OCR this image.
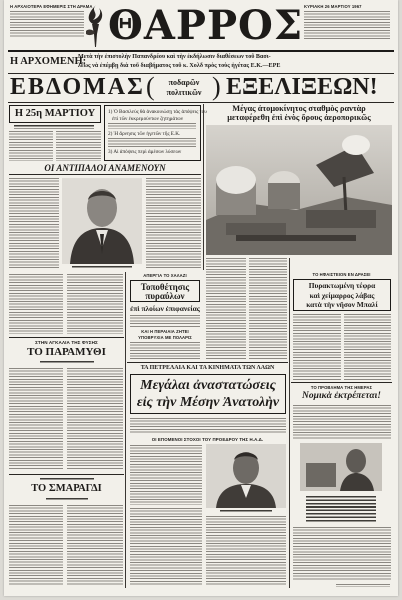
Η ΑΡΧΑΙΟΤΕΡΑ ΕΦΗΜΕΡΙΣ ΣΤΗ ΔΡΑΜΑ ΘΑΡΡΟΣ ΚΥΡΙΑΚΗ 26 ΜΑΡΤΙΟΥ 1967
Η ΑΡΧΟΜΕΝΗ:
Μετὰ τὴν ἐπιστολὴν Παπανδρέου καὶ τὴν ἐκδήλωσιν διαθέσεων τοῦ Βασι-
λέως νὰ ἐπέμβῃ διὰ τοῦ διαβήματος τοῦ κ. Χολδ πρὸς τοὺς ἡγέτας Ε.Κ.—ΕΡΕ
ΕΒΔΟΜΑΣ (	ποδαρῶν
πολιτικῶν ) ΕΞΕΛΙΞΕΩΝ!
Η 25η ΜΑΡΤΙΟΥ	1) Ὁ Βασιλεὺς θὰ ἀνακοινώσῃ τὰς ἀπόψεις του
ἐπὶ τῶν ἐκκρεμούντων ζητημάτων
2) Ἡ ἄρνησις τῶν ἡγετῶν τῆς Ε.Κ.
3) Αἱ ἀπόψεις περὶ ἀμέσων λύσεων
Μέγας ἀτομοκίνητος σταθμὸς ραντὰρ
μεταφέρεθη ἐπὶ ἑνὸς ὄρους ἀεροπορικῶς
ΟΙ ΑΝΤΙΠΑΛΟΙ ΑΝΑΜΕΝΟΥΝ
ΣΤΗΝ ΑΓΚΑΛΙΑ ΤΗΣ ΦΥΣΗΣ
ΤΟ ΠΑΡΑΜΥΘΙ
ΤΟ ΣΜΑΡΑΓΔΙ
ΑΠΕΡΓΙΑ ΤΟ ΧΑΛΑΖΙ
Τοποθέτησις
πυραύλων
ἐπὶ πλοίων ἐπιφανείας
ΚΑΙ Η ΠΕΡΑΙΑΙΑ ΖΗΤΕΙ
ΥΠΟΒΡΥΧΙΑ ΜΕ ΠΟΛΑΡΙΣ
ΤΟ ΗΦΑΙΣΤΕΙΟΝ ΕΝ ΔΡΑΣΕΙ
Πυρακτωμένη τέφρα
καὶ χείμαρρος λάβας
κατὰ τὴν νῆσον Μπαλί
ΤΑ ΠΕΤΡΕΛΑΙΑ ΚΑΙ ΤΑ ΚΙΝΗΜΑΤΑ ΤΩΝ ΛΑΩΝ
Μεγάλαι ἀναστατώσεις
εἰς τὴν Μέσην Ἀνατολὴν
ΟΙ ΕΠΟΜΕΝΟΙ ΣΤΟΧΟΙ ΤΟΥ ΠΡΟΕΔΡΟΥ ΤΗΣ Η.Α.Δ.
ΤΟ ΠΡΟΒΛΗΜΑ ΤΗΣ ΗΜΕΡΑΣ
Νομικὰ ἐκτρέπεται!
